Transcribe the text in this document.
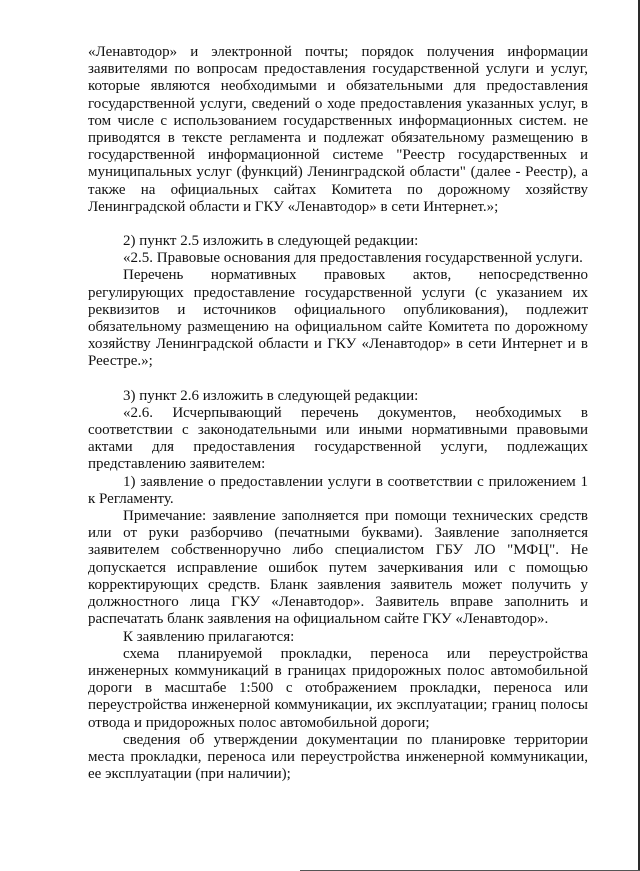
«Ленавтодор» и электронной почты; порядок получения информации заявителями по вопросам предоставления государственной услуги и услуг, которые являются необходимыми и обязательными для предоставления государственной услуги, сведений о ходе предоставления указанных услуг, в том числе с использованием государственных информационных систем. не приводятся в тексте регламента и подлежат обязательному размещению в государственной информационной системе "Реестр государственных и муниципальных услуг (функций) Ленинградской области" (далее - Реестр), а также на официальных сайтах Комитета по дорожному хозяйству Ленинградской области и ГКУ «Ленавтодор» в сети Интернет.»;

2) пункт 2.5 изложить в следующей редакции:

«2.5. Правовые основания для предоставления государственной услуги.

Перечень нормативных правовых актов, непосредственно регулирующих предоставление государственной услуги (с указанием их реквизитов и источников официального опубликования), подлежит обязательному размещению на официальном сайте Комитета по дорожному хозяйству Ленинградской области и ГКУ «Ленавтодор» в сети Интернет и в Реестре.»;

3) пункт 2.6 изложить в следующей редакции:

«2.6. Исчерпывающий перечень документов, необходимых в соответствии с законодательными или иными нормативными правовыми актами для предоставления государственной услуги, подлежащих представлению заявителем:

1) заявление о предоставлении услуги в соответствии с приложением 1 к Регламенту.

Примечание: заявление заполняется при помощи технических средств или от руки разборчиво (печатными буквами). Заявление заполняется заявителем собственноручно либо специалистом ГБУ ЛО "МФЦ". Не допускается исправление ошибок путем зачеркивания или с помощью корректирующих средств. Бланк заявления заявитель может получить у должностного лица ГКУ «Ленавтодор». Заявитель вправе заполнить и распечатать бланк заявления на официальном сайте ГКУ «Ленавтодор».

К заявлению прилагаются:

схема планируемой прокладки, переноса или переустройства инженерных коммуникаций в границах придорожных полос автомобильной дороги в масштабе 1:500 с отображением прокладки, переноса или переустройства инженерной коммуникации, их эксплуатации; границ полосы отвода и придорожных полос автомобильной дороги;

сведения об утверждении документации по планировке территории места прокладки, переноса или переустройства инженерной коммуникации, ее эксплуатации (при наличии);
